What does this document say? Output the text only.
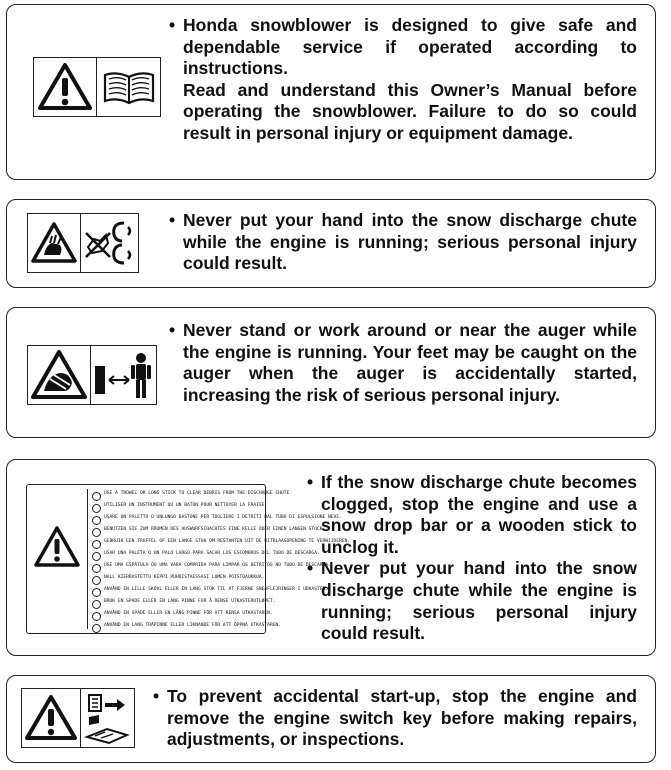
• Honda snowblower is designed to give safe and dependable service if operated according to instructions.

Read and understand this Owner’s Manual before operating the snowblower. Failure to do so could result in personal injury or equipment damage.

• Never put your hand into the snow discharge chute while the engine is running; serious personal injury could result.

• Never stand or work around or near the auger while the engine is running. Your feet may be caught on the auger when the auger is accidentally started, increasing the risk of serious personal injury.

• If the snow discharge chute becomes clogged, stop the engine and use a snow drop bar or a wooden stick to unclog it.
• Never put your hand into the snow discharge chute while the engine is running; serious personal injury could result.
USE A TROWEL OR LONG STICK TO CLEAR DEBRIS FROM THE DISCHARGE CHUTE
UTILISER UN INSTRUMENT OU UN BATON POUR NETTOYER LA FRAISE.
USARE UN PALETTO O UNLUNGO BASTONE PER TOGLIERE I DETRITI DAL TUBO DI ESPULSIONE NEVE.
BENUTZEN SIE ZUM RÄUMEN DES AUSWURFSCHACHTES EINE KELLE ODER EINEN LANGEN STOCK.
GEBRUIK EEN TROFFEL OF EEN LANGE STOK OM RESTANTEN UIT DE UITBLAASOPENING TE VERWIJDEREN.
USAR UNA PALETA O UN PALO LARGO PARA SACAR LOS ESCOMBROS DEL TUBO DE DESCARGA.
USE UMA ESPÁTULA OU UMA VARA COMPRIDA PARA LIMPAR OS DETRITOS NO TUBO DE DESCARGA.
NALL KIERRASTETTU KEPPI PUHDISTAESSASI LUMEN POISTOAUKKOA.
ANVÄND EN LILLE SKOVL ELLER EN LANG STOK TIL AT FJERNE SNEAFLEJRINGER I UDKASTER.
BRUK EN SPADE ELLER EN LANG PINNE FOR Å RENSE UTKASTERUTLØPET.
ANVÄND EN SPADE ELLER EN LÅNG PINNE FÖR ATT RENSA UTKASTAREN.
ANVÄND EN LANG TRÄPINNE ELLER LIKNANDE FÖR ATT ÖPPNA UTKASTAREN.

• To prevent accidental start-up, stop the engine and remove the engine switch key before making repairs, adjustments, or inspections.
